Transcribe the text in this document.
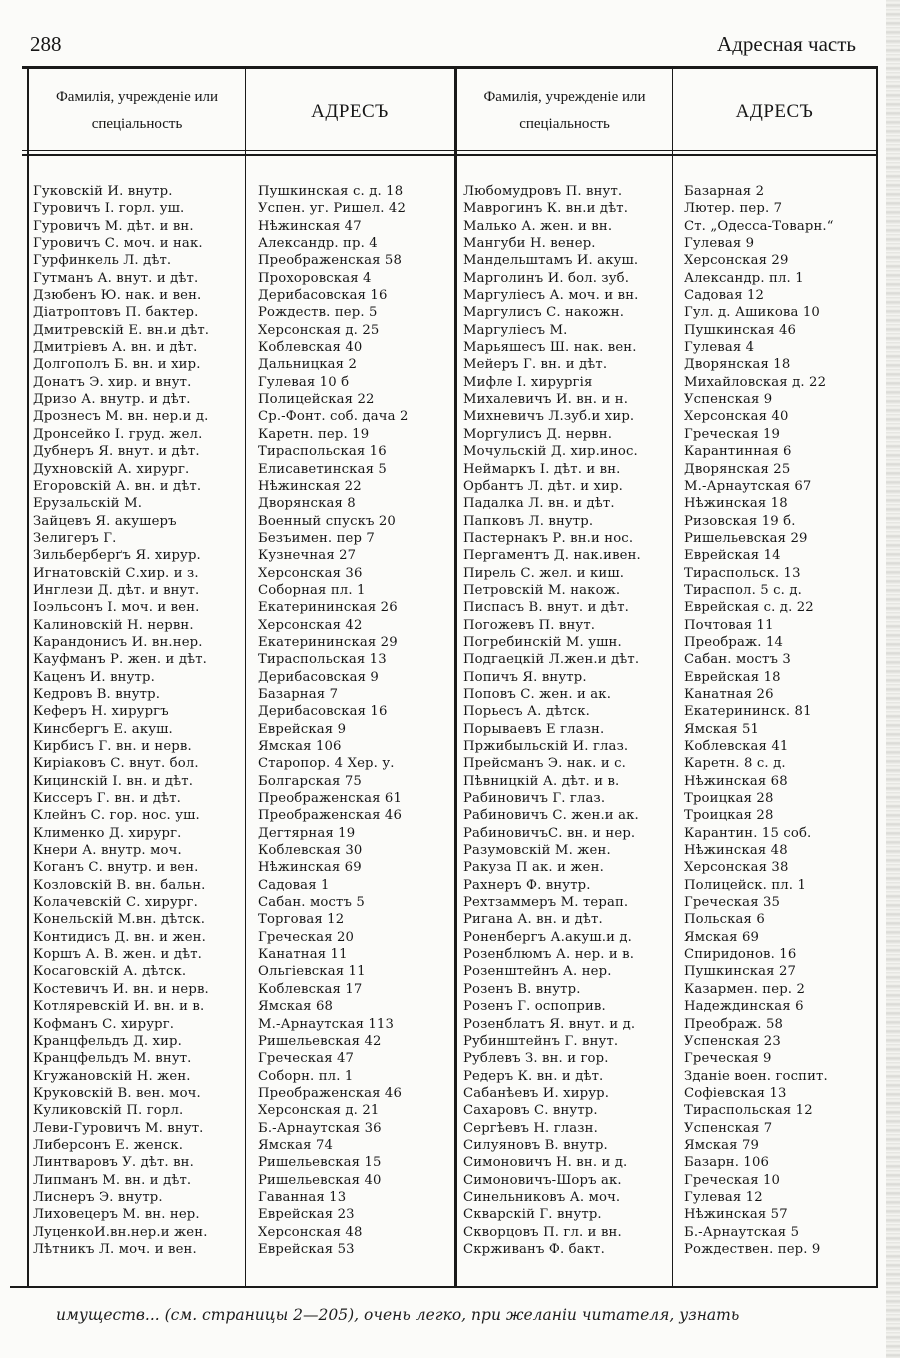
288	Адресная часть
Фамилія, учрежденіе или спеціальность
АДРЕСЪ
Фамилія, учрежденіе или спеціальность
АДРЕСЪ
Гуковскій И. внутр.
Гуровичъ І. горл. уш.
Гуровичъ М. дѣт. и вн.
Гуровичъ С. моч. и нак.
Гурфинкель Л. дѣт.
Гутманъ А. внут. и дѣт.
Дзюбенъ Ю. нак. и вен.
Діатроптовъ П. бактер.
Дмитревскій Е. вн.и дѣт.
Дмитріевъ А. вн. и дѣт.
Долгополъ Б. вн. и хир.
Донатъ Э. хир. и внут.
Дризо А. внутр. и дѣт.
Дрознесъ М. вн. нер.и д.
Дронсейко І. груд. жел.
Дубнеръ Я. внут. и дѣт.
Духновскій А. хирург.
Егоровскій А. вн. и дѣт.
Ерузальскій М.
Зайцевъ Я. акушеръ
Зелигеръ Г.
Зильберберґъ Я. хирур.
Игнатовскій С.хир. и з.
Инглези Д. дѣт. и внут.
Іоэльсонъ І. моч. и вен.
Калиновскій Н. нервн.
Карандонисъ И. вн.нер.
Кауфманъ Р. жен. и дѣт.
Каценъ И. внутр.
Кедровъ В. внутр.
Кеферъ Н. хирургъ
Кинсбергъ Е. акуш.
Кирбисъ Г. вн. и нерв.
Киріаковъ С. внут. бол.
Кицинскій І. вн. и дѣт.
Киссеръ Г. вн. и дѣт.
Клейнъ С. гор. нос. уш.
Клименко Д. хирург.
Кнери А. внутр. моч.
Коганъ С. внутр. и вен.
Козловскій В. вн. бальн.
Колачевскій С. хирург.
Конельскій М.вн. дѣтск.
Контидисъ Д. вн. и жен.
Коршъ А. В. жен. и дѣт.
Косаговскій А. дѣтск.
Костевичъ И. вн. и нерв.
Котляревскій И. вн. и в.
Кофманъ С. хирург.
Кранцфельдъ Д. хир.
Кранцфельдъ М. внут.
Кгужановскій Н. жен.
Круковскій В. вен. моч.
Куликовскій П. горл.
Леви-Гуровичъ М. внут.
Либерсонъ Е. женск.
Линтваровъ У. дѣт. вн.
Липманъ М. вн. и дѣт.
Лиснеръ Э. внутр.
Лиховецеръ М. вн. нер.
ЛуценкоИ.вн.нер.и жен.
Лѣтникъ Л. моч. и вен.
Пушкинская с. д. 18
Успен. уг. Ришел. 42
Нѣжинская 47
Александр. пр. 4
Преображенская 58
Прохоровская 4
Дерибасовская 16
Рождеств. пер. 5
Херсонская д. 25
Коблевская 40
Дальницкая 2
Гулевая 10 б
Полицейская 22
Ср.-Фонт. соб. дача 2
Каретн. пер. 19
Тираспольская 16
Елисаветинская 5
Нѣжинская 22
Дворянская 8
Военный спускъ 20
Безъимен. пер 7
Кузнечная 27
Херсонская 36
Соборная пл. 1
Екатерининская 26
Херсонская 42
Екатерининская 29
Тираспольская 13
Дерибасовская 9
Базарная 7
Дерибасовская 16
Еврейская 9
Ямская 106
Старопор. 4 Хер. у.
Болгарская 75
Преображенская 61
Преображенская 46
Дегтярная 19
Коблевская 30
Нѣжинская 69
Садовая 1
Сабан. мостъ 5
Торговая 12
Греческая 20
Канатная 11
Ольгіевская 11
Коблевская 17
Ямская 68
М.-Арнаутская 113
Ришельевская 42
Греческая 47
Соборн. пл. 1
Преображенская 46
Херсонская д. 21
Б.-Арнаутская 36
Ямская 74
Ришельевская 15
Ришельевская 40
Гаванная 13
Еврейская 23
Херсонская 48
Еврейская 53
Любомудровъ П. внут.
Маврогинъ К. вн.и дѣт.
Малько А. жен. и вн.
Мангуби Н. венер.
Мандельштамъ И. акуш.
Марголинъ И. бол. зуб.
Маргуліесъ А. моч. и вн.
Маргулисъ С. накожн.
Маргуліесъ М.
Марьяшесъ Ш. нак. вен.
Мейеръ Г. вн. и дѣт.
Мифле І. хирургія
Михалевичъ И. вн. и н.
Михневичъ Л.зуб.и хир.
Моргулисъ Д. нервн.
Мочульскій Д. хир.инос.
Неймаркъ І. дѣт. и вн.
Орбантъ Л. дѣт. и хир.
Падалка Л. вн. и дѣт.
Папковъ Л. внутр.
Пастернакъ Р. вн.и нос.
Пергаментъ Д. нак.ивен.
Пирель С. жел. и киш.
Петровскій М. накож.
Писпасъ В. внут. и дѣт.
Погожевъ П. внут.
Погребинскій М. ушн.
Подгаецкій Л.жен.и дѣт.
Попичъ Я. внутр.
Поповъ С. жен. и ак.
Порьесъ А. дѣтск.
Порываевъ Е глазн.
Пржибыльскій И. глаз.
Прейсманъ Э. нак. и с.
Пѣвницкій А. дѣт. и в.
Рабиновичъ Г. глаз.
Рабиновичъ С. жен.и ак.
РабиновичъС. вн. и нер.
Разумовскій М. жен.
Ракуза П ак. и жен.
Рахнеръ Ф. внутр.
Рехтзаммеръ М. терап.
Ригана А. вн. и дѣт.
Роненбергъ А.акуш.и д.
Розенблюмъ А. нер. и в.
Розенштейнъ А. нер.
Розенъ В. внутр.
Розенъ Г. оспоприв.
Розенблатъ Я. внут. и д.
Рубинштейнъ Г. внут.
Рублевъ З. вн. и гор.
Редеръ К. вн. и дѣт.
Сабанѣевъ И. хирур.
Сахаровъ С. внутр.
Сергѣевъ Н. глазн.
Силуяновъ В. внутр.
Симоновичъ Н. вн. и д.
Симоновичъ-Шоръ ак.
Синельниковъ А. моч.
Скварскій Г. внутр.
Скворцовъ П. гл. и вн.
Скрживанъ Ф. бакт.
Базарная 2
Лютер. пер. 7
Ст. „Одесса-Товарн.“
Гулевая 9
Херсонская 29
Александр. пл. 1
Садовая 12
Гул. д. Ашикова 10
Пушкинская 46
Гулевая 4
Дворянская 18
Михайловская д. 22
Успенская 9
Херсонская 40
Греческая 19
Карантинная 6
Дворянская 25
М.-Арнаутская 67
Нѣжинская 18
Ризовская 19 б.
Ришельевская 29
Еврейская 14
Тираспольск. 13
Тираспол. 5 с. д.
Еврейская с. д. 22
Почтовая 11
Преображ. 14
Сабан. мостъ 3
Еврейская 18
Канатная 26
Екатерининск. 81
Ямская 51
Коблевская 41
Каретн. 8 с. д.
Нѣжинская 68
Троицкая 28
Троицкая 28
Карантин. 15 соб.
Нѣжинская 48
Херсонская 38
Полицейск. пл. 1
Греческая 35
Польская 6
Ямская 69
Спиридонов. 16
Пушкинская 27
Казармен. пер. 2
Надеждинская 6
Преображ. 58
Успенская 23
Греческая 9
Зданіе воен. госпит.
Софіевская 13
Тираспольская 12
Успенская 7
Ямская 79
Базарн. 106
Греческая 10
Гулевая 12
Нѣжинская 57
Б.-Арнаутская 5
Рождествен. пер. 9
имуществ... (см. страницы 2—205), очень легко, при желаніи читателя, узнать
